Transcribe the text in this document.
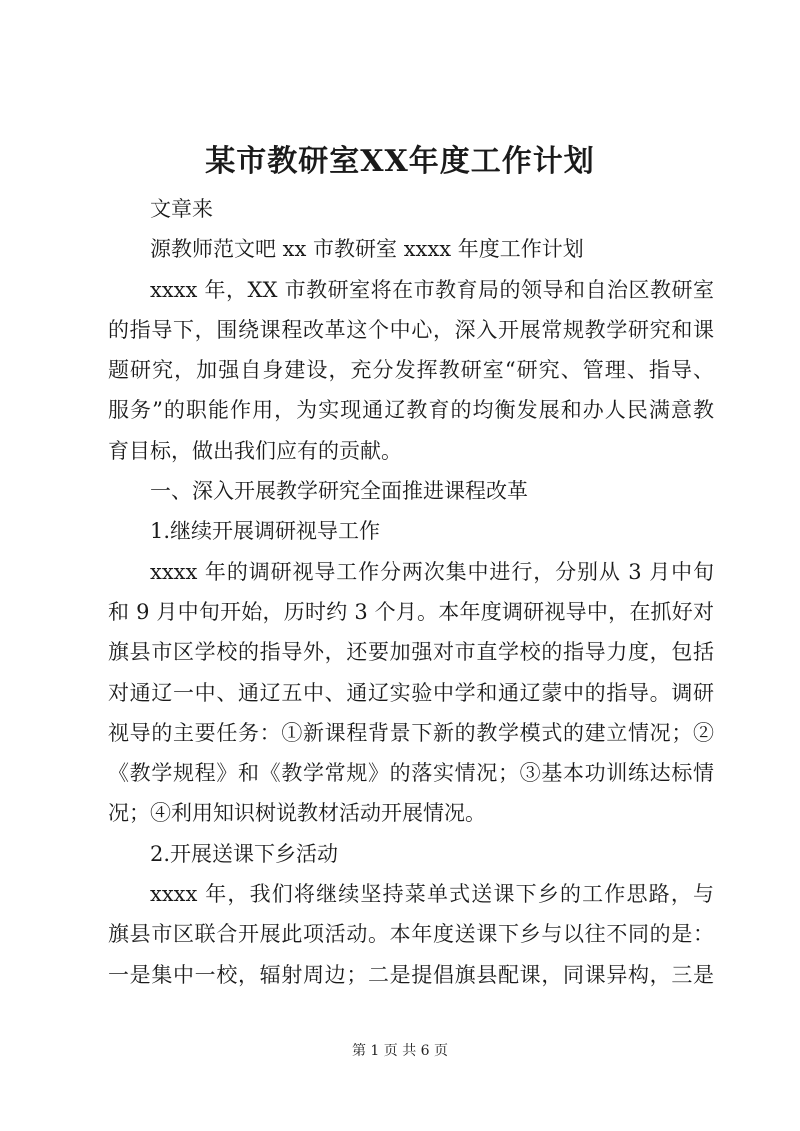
某市教研室XX年度工作计划
文章来
源教师范文吧 xx 市教研室 xxxx 年度工作计划
xxxx 年，XX 市教研室将在市教育局的领导和自治区教研室
的指导下，围绕课程改革这个中心，深入开展常规教学研究和课
题研究，加强自身建设，充分发挥教研室“研究、管理、指导、
服务”的职能作用，为实现通辽教育的均衡发展和办人民满意教
育目标，做出我们应有的贡献。
一、深入开展教学研究全面推进课程改革
1.继续开展调研视导工作
xxxx 年的调研视导工作分两次集中进行，分别从 3 月中旬
和 9 月中旬开始，历时约 3 个月。本年度调研视导中，在抓好对
旗县市区学校的指导外，还要加强对市直学校的指导力度，包括
对通辽一中、通辽五中、通辽实验中学和通辽蒙中的指导。调研
视导的主要任务：①新课程背景下新的教学模式的建立情况；②
《教学规程》和《教学常规》的落实情况；③基本功训练达标情
况；④利用知识树说教材活动开展情况。
2.开展送课下乡活动
xxxx 年，我们将继续坚持菜单式送课下乡的工作思路，与
旗县市区联合开展此项活动。本年度送课下乡与以往不同的是：
一是集中一校，辐射周边；二是提倡旗县配课，同课异构，三是
第 1 页 共 6 页
